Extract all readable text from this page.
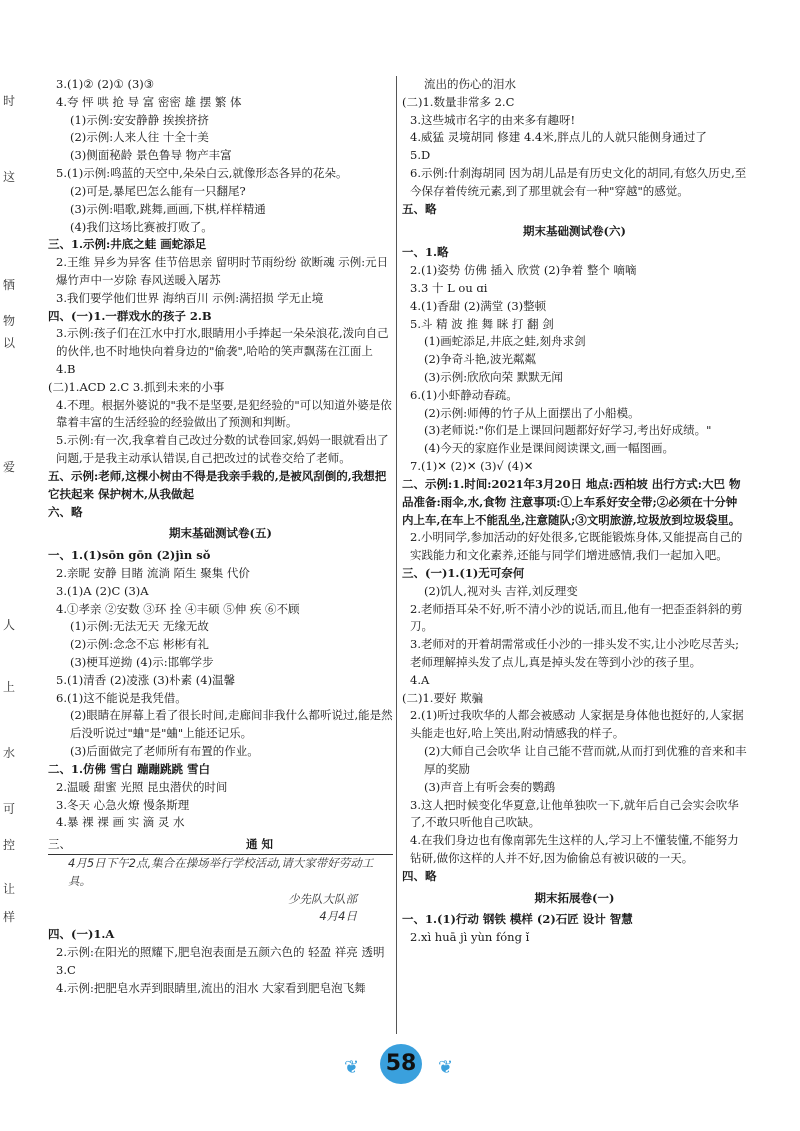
时
这
牺
物
以
爱
人
上
水
可
控
让
样

3.(1)② (2)① (3)③

4.夸 怦 哄 抢 导 富 密密 雄 摆 繁 体

(1)示例:安安静静 挨挨挤挤

(2)示例:人来人往 十全十美

(3)侧面秘龄 景色鲁导 物产丰富

5.(1)示例:鸣蓝的天空中,朵朵白云,就像形态各异的花朵。

(2)可是,暴尾巴怎么能有一只翻尾?

(3)示例:唱歌,跳舞,画画,下棋,样样精通

(4)我们这场比赛被打败了。

三、1.示例:井底之蛙 画蛇添足

2.王维 异乡为异客 佳节倍思亲 留明时节雨纷纷 欲断魂 示例:元日 爆竹声中一岁除 春风送暖入屠苏

3.我们要学他们世界 海纳百川 示例:满招损 学无止境

四、(一)1.一群戏水的孩子 2.B

3.示例:孩子们在江水中打水,眼睛用小手捧起一朵朵浪花,泼向自己的伙伴,也不时地快向着身边的"偷袭",哈哈的笑声飘荡在江面上

4.B

(二)1.ACD 2.C 3.抓到未来的小事

4.不理。根据外婆说的"我不是坚要,是犯经验的"可以知道外婆是依靠着丰富的生活经验的经验做出了预测和判断。

5.示例:有一次,我拿着自己改过分数的试卷回家,妈妈一眼就看出了问题,于是我主动承认错误,自己把改过的试卷交给了老师。

五、示例:老师,这棵小树由不得是我亲手栽的,是被风刮倒的,我想把它扶起来 保护树木,从我做起

六、略

期末基础测试卷(五)

一、1.(1)sōn gōn (2)jìn sǒ

2.亲昵 安静 目睹 流淌 陌生 聚集 代价

3.(1)A (2)C (3)A

4.①孝亲 ②安数 ③环 拴 ④丰硕 ⑤伸 疾 ⑥不顾

(1)示例:无法无天 无缘无故

(2)示例:念念不忘 彬彬有礼

(3)梗耳逆拗 (4)示:邯郸学步

5.(1)清香 (2)凌涨 (3)朴素 (4)温馨

6.(1)这不能说是我凭借。

(2)眼睛在屏幕上看了很长时间,走廊间非我什么都听说过,能是然后没听说过"蛐"是"蛐"上能还记乐。

(3)后面做完了老师所有布置的作业。

二、1.仿佛 雪白 蹦蹦跳跳 雪白

2.温暖 甜蜜 光照 昆虫潜伏的时间

3.冬天 心急火燎 慢条斯理

4.暴 裸 裸 画 实 滴 灵 水

三、	通 知

4月5日下午2点,集合在操场举行学校活动,请大家带好劳动工具。

少先队大队部

4月4日

四、(一)1.A

2.示例:在阳光的照耀下,肥皂泡表面是五颜六色的 轻盈 祥亮 透明

3.C

4.示例:把肥皂水弄到眼睛里,流出的泪水 大家看到肥皂泡飞舞

流出的伤心的泪水

(二)1.数量非常多 2.C

3.这些城市名字的由来多有趣呀!

4.威猛 灵境胡同 修建 4.4米,胖点儿的人就只能侧身通过了

5.D

6.示例:什刹海胡同 因为胡儿品是有历史文化的胡同,有悠久历史,至今保存着传统元素,到了那里就会有一种"穿越"的感觉。

五、略

期末基础测试卷(六)

一、1.略

2.(1)姿势 仿佛 插入 欣赏 (2)争着 整个 嘀嘀

3.3 十 L ou ɑi

4.(1)香甜 (2)满堂 (3)整顿

5.斗 精 波 推 舞 眯 打 翻 剑

(1)画蛇添足,井底之蛙,刻舟求剑

(2)争奇斗艳,波光粼粼

(3)示例:欣欣向荣 默默无闻

6.(1)小虾静动春疏。

(2)示例:师傅的竹子从上面摆出了小船模。

(3)老师说:"你们是上课回问题都好好学习,考出好成绩。"

(4)今天的家庭作业是课间阅读课文,画一幅图画。

7.(1)✕ (2)✕ (3)√ (4)✕

二、示例:1.时间:2021年3月20日 地点:西柏坡 出行方式:大巴 物品准备:雨伞,水,食物 注意事项:①上车系好安全带;②必须在十分钟内上车,在车上不能乱坐,注意随队;③文明旅游,垃圾放到垃圾袋里。

2.小明同学,参加活动的好处很多,它既能锻炼身体,又能提高自己的实践能力和文化素养,还能与同学们增进感情,我们一起加入吧。

三、(一)1.(1)无可奈何

(2)饥人,视对头 吉祥,刘反理变

2.老师捂耳朵不好,听不清小沙的说话,而且,他有一把歪歪斜斜的剪刀。

3.老师对的开着胡需常或任小沙的一排头发不实,让小沙吃尽苦头;老师理解掉头发了点儿,真是掉头发在等到小沙的孩子里。

4.A

(二)1.要好 欺骗

2.(1)听过我吹华的人都会被感动 人家据是身体他也挺好的,人家据头能走也好,哈上笑出,附动情感我的样子。

(2)大师自己会吹华 让自己能不营而就,从而打到优雅的音来和丰厚的奖励

(3)声音上有听会奏的鹦鹉

3.这人把时候变化华夏意,让他单独吹一下,就年后自己会实会吹华了,不敢只听他自己吹缺。

4.在我们身边也有像南郭先生这样的人,学习上不懂装懂,不能努力钻研,做你这样的人并不好,因为偷偷总有被识破的一天。

四、略

期末拓展卷(一)

一、1.(1)行动 钢铁 模样 (2)石匠 设计 智慧

2.xì huā jì yùn fóng ǐ

❦ 58	❦
